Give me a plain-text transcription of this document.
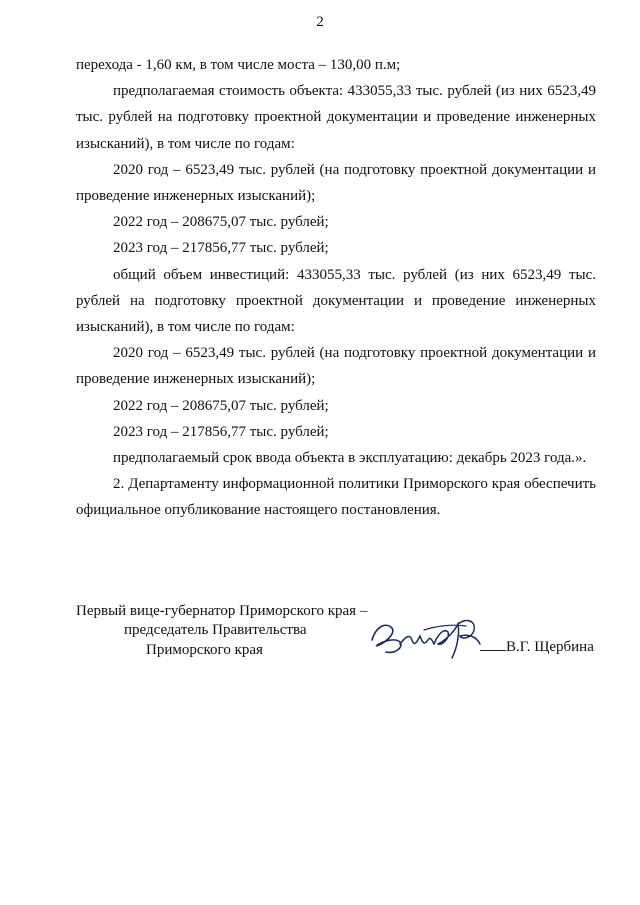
2

перехода - 1,60 км, в том числе моста – 130,00 п.м;

предполагаемая стоимость объекта: 433055,33 тыс. рублей (из них 6523,49 тыс. рублей на подготовку проектной документации и проведение инженерных изысканий), в том числе по годам:

2020 год – 6523,49 тыс. рублей (на подготовку проектной документации и проведение инженерных изысканий);

2022 год – 208675,07 тыс. рублей;

2023 год – 217856,77 тыс. рублей;

общий объем инвестиций: 433055,33 тыс. рублей (из них 6523,49 тыс. рублей на подготовку проектной документации и проведение инженерных изысканий), в том числе по годам:

2020 год – 6523,49 тыс. рублей (на подготовку проектной документации и проведение инженерных изысканий);

2022 год – 208675,07 тыс. рублей;

2023 год – 217856,77 тыс. рублей;

предполагаемый срок ввода объекта в эксплуатацию: декабрь 2023 года.».

2. Департаменту информационной политики Приморского края обеспечить официальное опубликование настоящего постановления.

Первый вице-губернатор Приморского края –
председатель Правительства
Приморского края	В.Г. Щербина
